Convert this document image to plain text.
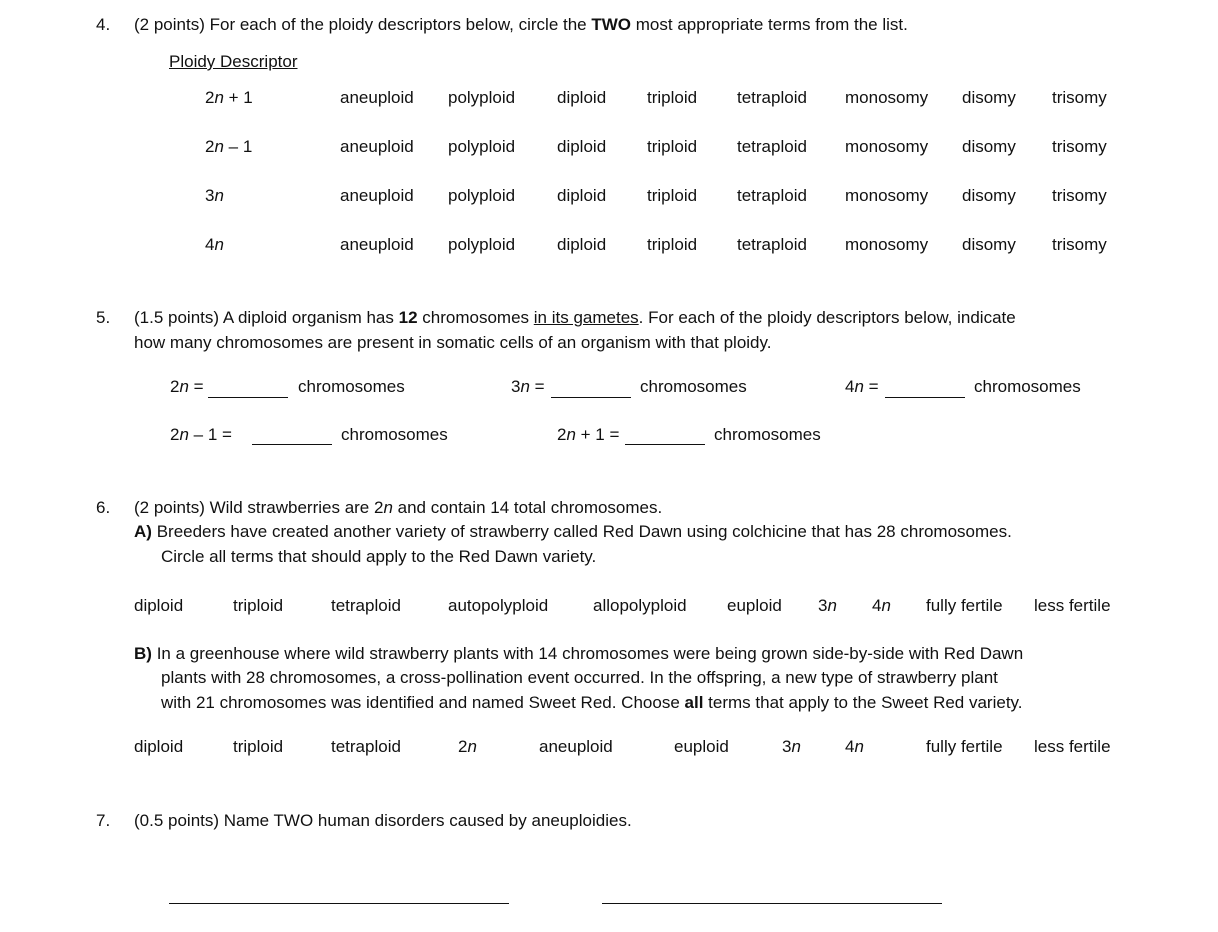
4. (2 points) For each of the ploidy descriptors below, circle the TWO most appropriate terms from the list.
Ploidy Descriptor
2n + 1	aneuploid polyploid diploid triploid tetraploid monosomy disomy trisomy
2n – 1	aneuploid polyploid diploid triploid tetraploid monosomy disomy trisomy
3n	aneuploid polyploid diploid triploid tetraploid monosomy disomy trisomy
4n	aneuploid polyploid diploid triploid tetraploid monosomy disomy trisomy
5. (1.5 points) A diploid organism has 12 chromosomes in its gametes. For each of the ploidy descriptors below, indicate
how many chromosomes are present in somatic cells of an organism with that ploidy.
2n =	chromosomes	3n =	chromosomes	4n =	chromosomes
2n – 1 =	chromosomes	2n + 1 =	chromosomes
6. (2 points) Wild strawberries are 2n and contain 14 total chromosomes.
A) Breeders have created another variety of strawberry called Red Dawn using colchicine that has 28 chromosomes.
Circle all terms that should apply to the Red Dawn variety.
diploid	triploid	tetraploid	autopolyploid	allopolyploid euploid 3n 4n fully fertile less fertile
B) In a greenhouse where wild strawberry plants with 14 chromosomes were being grown side-by-side with Red Dawn
plants with 28 chromosomes, a cross-pollination event occurred. In the offspring, a new type of strawberry plant
with 21 chromosomes was identified and named Sweet Red. Choose all terms that apply to the Sweet Red variety.
diploid	triploid	tetraploid	2n	aneuploid	euploid	3n	4n	fully fertile less fertile
7. (0.5 points) Name TWO human disorders caused by aneuploidies.
